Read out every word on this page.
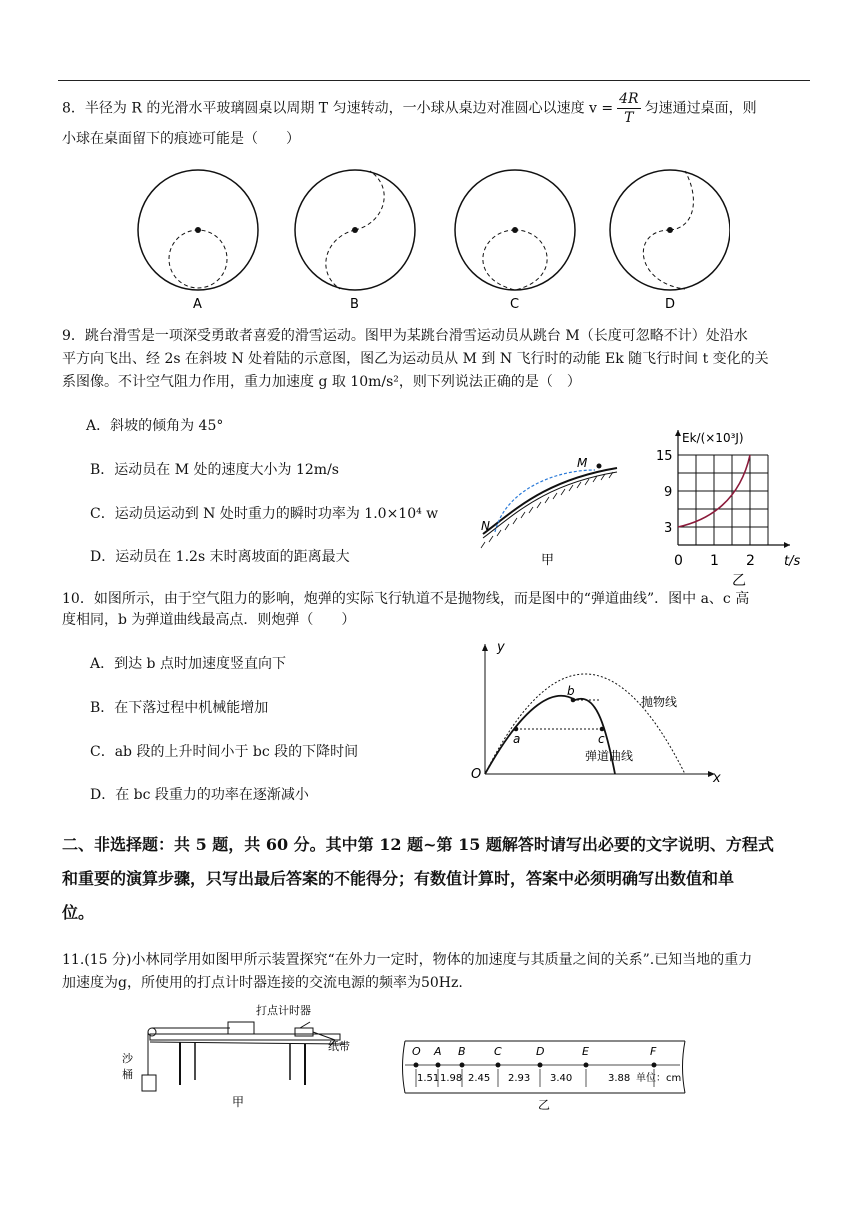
8．半径为 R 的光滑水平玻璃圆桌以周期 T 匀速转动，一小球从桌边对准圆心以速度 $v = \frac{4R}{T}$ 匀速通过桌面，则
小球在桌面留下的痕迹可能是（　　）
A	B	C	D
9．跳台滑雪是一项深受勇敢者喜爱的滑雪运动。图甲为某跳台滑雪运动员从跳台 M（长度可忽略不计）处沿水
平方向飞出、经 2s 在斜坡 N 处着陆的示意图，图乙为运动员从 M 到 N 飞行时的动能 Ek 随飞行时间 t 变化的关
系图像。不计空气阻力作用，重力加速度 g 取 10m/s²，则下列说法正确的是（　）
A．斜坡的倾角为 45°
B．运动员在 M 处的速度大小为 12m/s
C．运动员运动到 N 处时重力的瞬时功率为 1.0×10⁴ w
D．运动员在 1.2s 末时离坡面的距离最大
M
N
甲
Ek/(×10³J)
15
9
3
0 1 2 t/s
乙
10．如图所示，由于空气阻力的影响，炮弹的实际飞行轨道不是抛物线，而是图中的“弹道曲线”．图中 a、c 高
度相同，b 为弹道曲线最高点．则炮弹（　　）
A．到达 b 点时加速度竖直向下
B．在下落过程中机械能增加
C．ab 段的上升时间小于 bc 段的下降时间
D．在 bc 段重力的功率在逐渐减小
y
x
O
a
b
c
抛物线
弹道曲线
二、非选择题：共 5 题，共 60 分。其中第 12 题~第 15 题解答时请写出必要的文字说明、方程式
和重要的演算步骤，只写出最后答案的不能得分；有数值计算时，答案中必须明确写出数值和单
位。
11.(15 分)小林同学用如图甲所示装置探究“在外力一定时，物体的加速度与其质量之间的关系”.已知当地的重力
加速度为g，所使用的打点计时器连接的交流电源的频率为50Hz.
打点计时器
纸带
沙
桶
甲
O A B	C	D	E	F
1.51 1.98 2.45 2.93 3.40	3.88 单位：cm
乙
